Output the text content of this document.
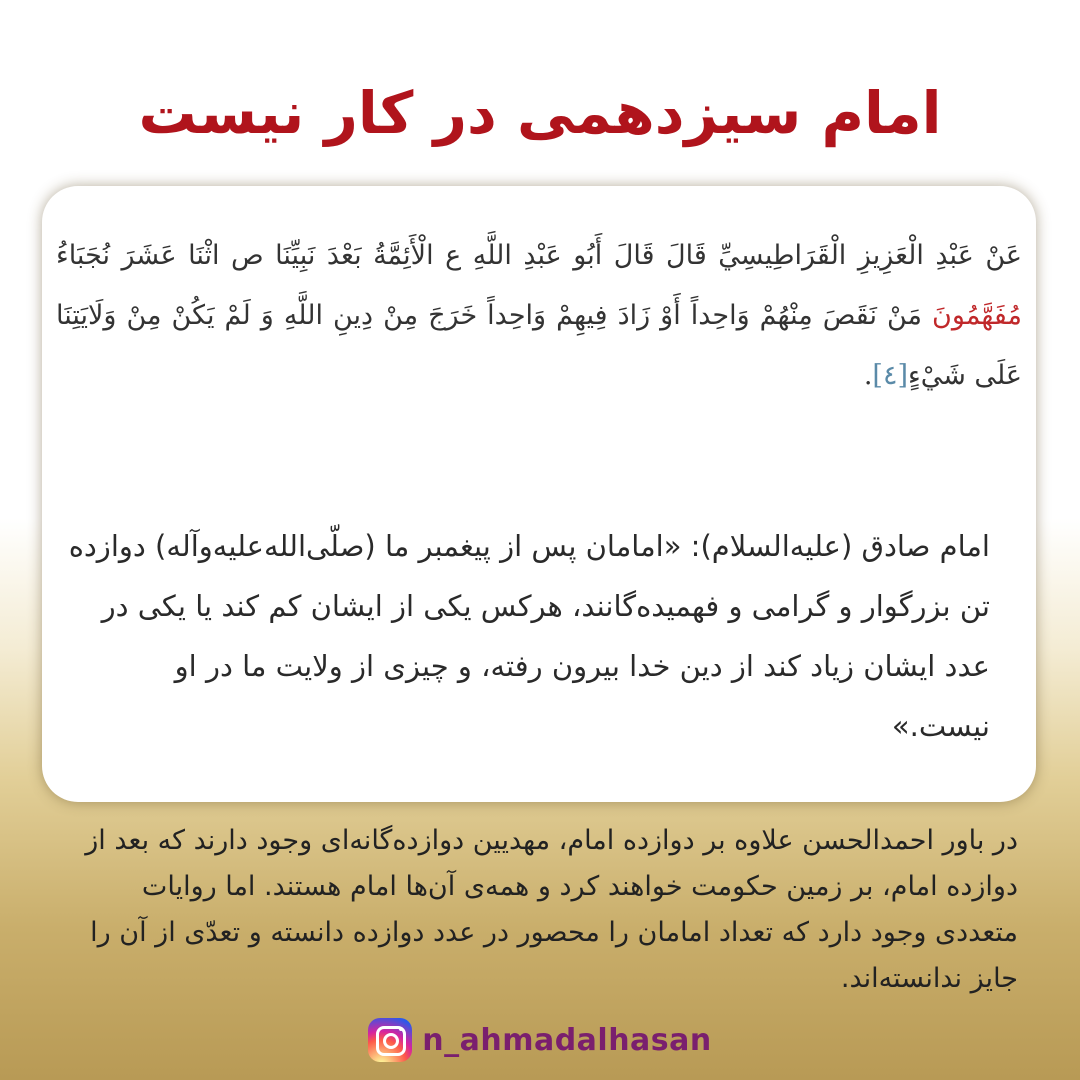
امام سیزدهمی در کار نیست
عَنْ عَبْدِ الْعَزِيزِ الْقَرَاطِيسِيِّ قَالَ قَالَ أَبُو عَبْدِ اللَّهِ ع الْأَئِمَّةُ بَعْدَ نَبِيِّنَا ص اثْنَا عَشَرَ نُجَبَاءُ مُفَهَّمُونَ مَنْ نَقَصَ مِنْهُمْ وَاحِداً أَوْ زَادَ فِيهِمْ وَاحِداً خَرَجَ مِنْ دِينِ اللَّهِ وَ لَمْ يَكُنْ مِنْ وَلَايَتِنَا عَلَى شَيْءٍ[٤].
امام صادق (علیه‌السلام): «امامان پس از پیغمبر ما (صلّی‌الله‌علیه‌وآله) دوازده تن بزرگوار و گرامی و فهمیده‌گانند، هرکس یکی از ایشان کم کند یا یکی در عدد ایشان زیاد کند از دین خدا بیرون رفته، و چیزی از ولایت ما در او نیست.»
در باور احمدالحسن علاوه بر دوازده امام، مهديين دوازده‌گانه‌ای وجود دارند که بعد از دوازده امام، بر زمین حکومت خواهند کرد و همه‌ی آن‌ها امام هستند. اما روایات متعددی وجود دارد که تعداد امامان را محصور در عدد دوازده دانسته و تعدّی از آن را جایز ندانسته‌اند.
n_ahmadalhasan
